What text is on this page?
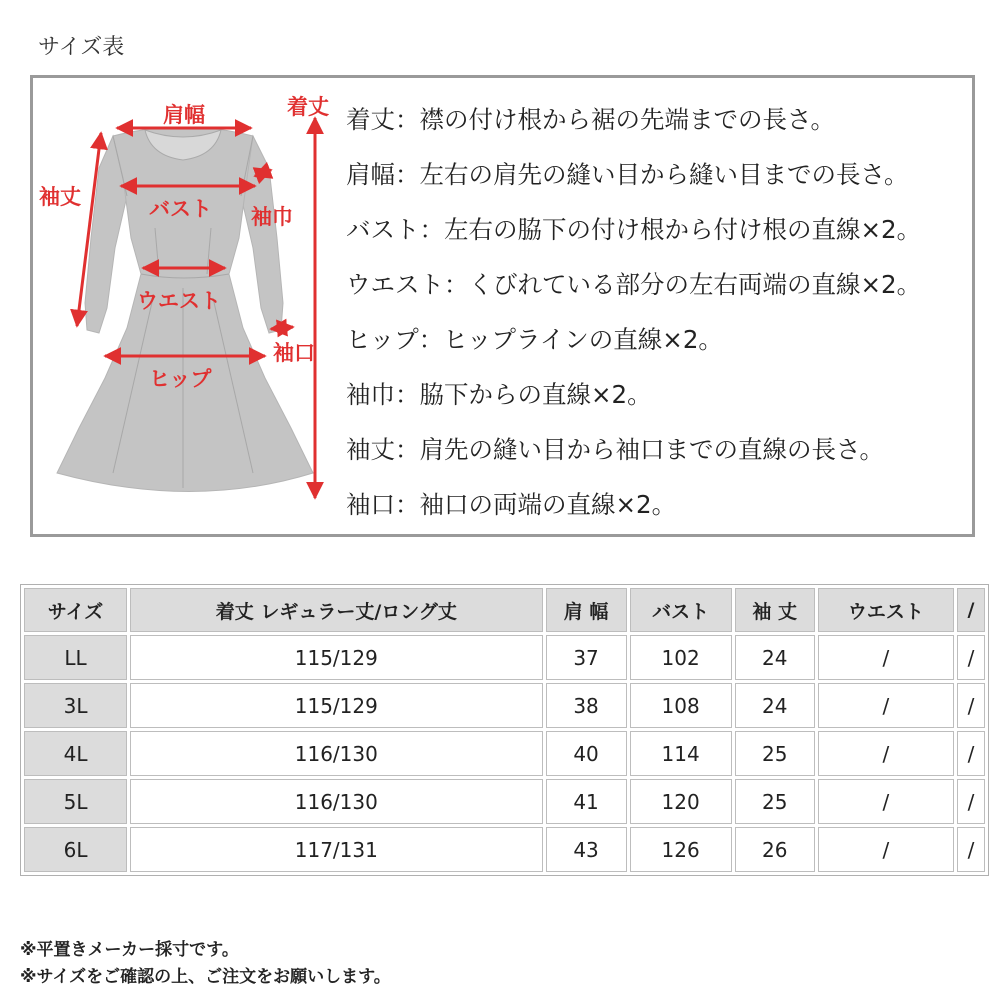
サイズ表
肩幅	着丈
袖丈	バスト 袖巾
ウエスト
袖口
ヒップ
着丈：襟の付け根から裾の先端までの長さ。
肩幅：左右の肩先の縫い目から縫い目までの長さ。
バスト：左右の脇下の付け根から付け根の直線×2。
ウエスト：くびれている部分の左右両端の直線×2。
ヒップ：ヒップラインの直線×2。
袖巾：脇下からの直線×2。
袖丈：肩先の縫い目から袖口までの直線の長さ。
袖口：袖口の両端の直線×2。
サイズ	着丈 レギュラー丈/ロング丈	肩 幅	バスト	袖 丈	ウエスト	/
LL	115/129	37	102	24	/	/
3L	115/129	38	108	24	/	/
4L	116/130	40	114	25	/	/
5L	116/130	41	120	25	/	/
6L	117/131	43	126	26	/	/
※平置きメーカー採寸です。
※サイズをご確認の上、ご注文をお願いします。
